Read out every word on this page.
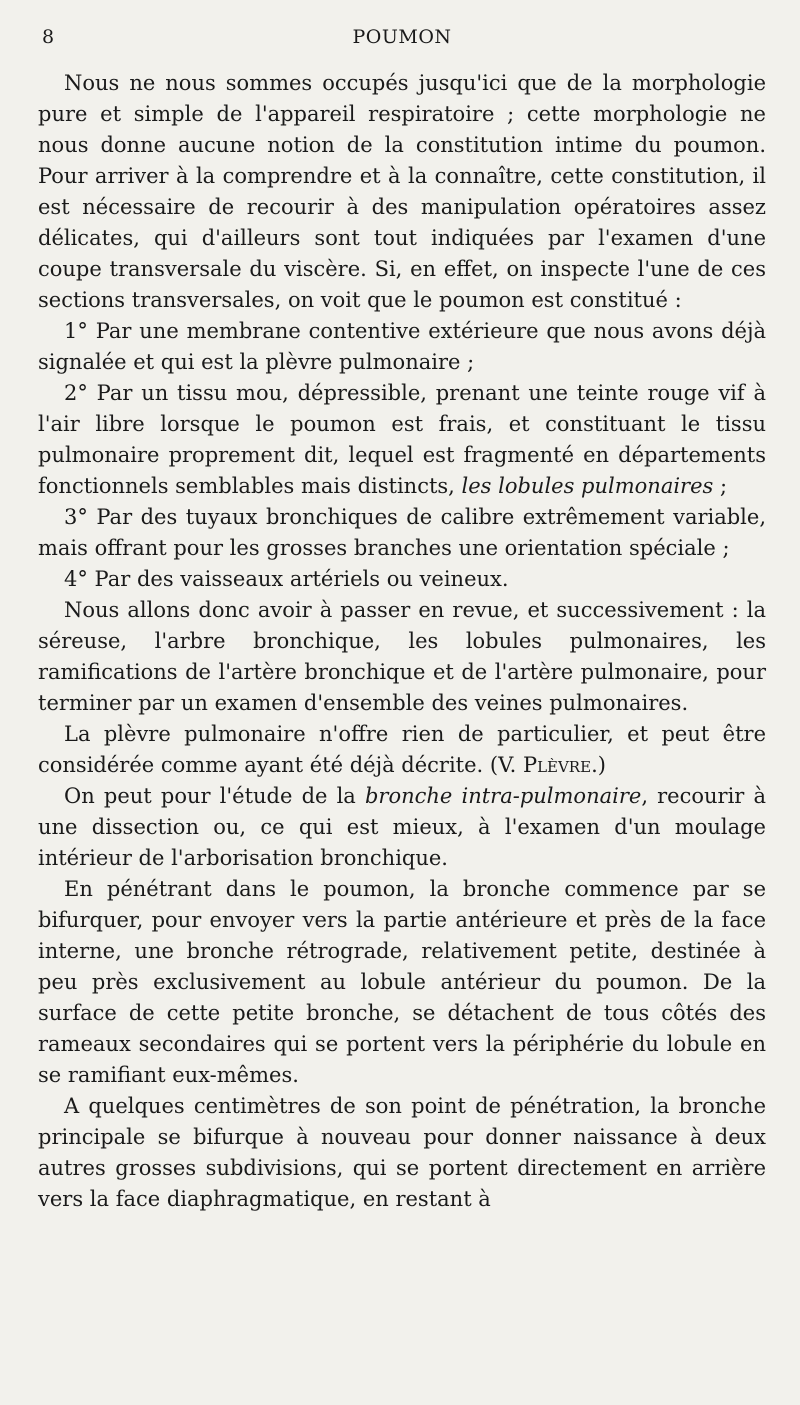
8	POUMON

Nous ne nous sommes occupés jusqu'ici que de la morphologie pure et simple de l'appareil respiratoire ; cette morphologie ne nous donne aucune notion de la constitution intime du poumon. Pour arriver à la comprendre et à la connaître, cette constitution, il est nécessaire de recourir à des manipulation opératoires assez délicates, qui d'ailleurs sont tout indiquées par l'examen d'une coupe transversale du viscère. Si, en effet, on inspecte l'une de ces sections transversales, on voit que le poumon est constitué :

1° Par une membrane contentive extérieure que nous avons déjà signalée et qui est la plèvre pulmonaire ;

2° Par un tissu mou, dépressible, prenant une teinte rouge vif à l'air libre lorsque le poumon est frais, et constituant le tissu pulmonaire proprement dit, lequel est fragmenté en départements fonctionnels semblables mais distincts, les lobules pulmonaires ;

3° Par des tuyaux bronchiques de calibre extrêmement variable, mais offrant pour les grosses branches une orientation spéciale ;

4° Par des vaisseaux artériels ou veineux.

Nous allons donc avoir à passer en revue, et successivement : la séreuse, l'arbre bronchique, les lobules pulmonaires, les ramifications de l'artère bronchique et de l'artère pulmonaire, pour terminer par un examen d'ensemble des veines pulmonaires.

La plèvre pulmonaire n'offre rien de particulier, et peut être considérée comme ayant été déjà décrite. (V. Plèvre.)

On peut pour l'étude de la bronche intra-pulmonaire, recourir à une dissection ou, ce qui est mieux, à l'examen d'un moulage intérieur de l'arborisation bronchique.

En pénétrant dans le poumon, la bronche commence par se bifurquer, pour envoyer vers la partie antérieure et près de la face interne, une bronche rétrograde, relativement petite, destinée à peu près exclusivement au lobule antérieur du poumon. De la surface de cette petite bronche, se détachent de tous côtés des rameaux secondaires qui se portent vers la périphérie du lobule en se ramifiant eux-mêmes.

A quelques centimètres de son point de pénétration, la bronche principale se bifurque à nouveau pour donner naissance à deux autres grosses subdivisions, qui se portent directement en arrière vers la face diaphragmatique, en restant à
